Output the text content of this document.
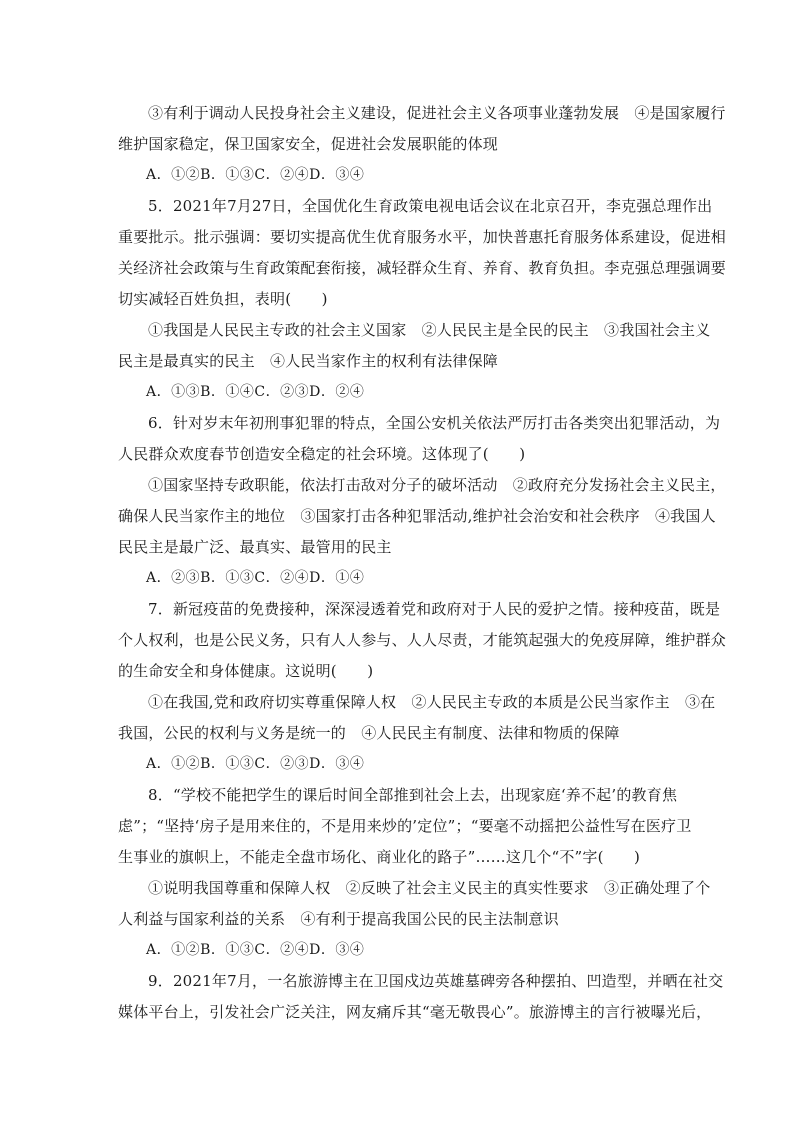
③有利于调动人民投身社会主义建设，促进社会主义各项事业蓬勃发展　④是国家履行
维护国家稳定，保卫国家安全，促进社会发展职能的体现
A．①②B．①③C．②④D．③④
5．2021年7月27日，全国优化生育政策电视电话会议在北京召开，李克强总理作出
重要批示。批示强调：要切实提高优生优育服务水平，加快普惠托育服务体系建设，促进相
关经济社会政策与生育政策配套衔接，减轻群众生育、养育、教育负担。李克强总理强调要
切实减轻百姓负担，表明(　　)
①我国是人民民主专政的社会主义国家　②人民民主是全民的民主　③我国社会主义
民主是最真实的民主　④人民当家作主的权利有法律保障
A．①③B．①④C．②③D．②④
6．针对岁末年初刑事犯罪的特点，全国公安机关依法严厉打击各类突出犯罪活动，为
人民群众欢度春节创造安全稳定的社会环境。这体现了(　　)
①国家坚持专政职能，依法打击敌对分子的破坏活动　②政府充分发扬社会主义民主，
确保人民当家作主的地位　③国家打击各种犯罪活动,维护社会治安和社会秩序　④我国人
民民主是最广泛、最真实、最管用的民主
A．②③B．①③C．②④D．①④
7．新冠疫苗的免费接种，深深浸透着党和政府对于人民的爱护之情。接种疫苗，既是
个人权利，也是公民义务，只有人人参与、人人尽责，才能筑起强大的免疫屏障，维护群众
的生命安全和身体健康。这说明(　　)
①在我国,党和政府切实尊重保障人权　②人民民主专政的本质是公民当家作主　③在
我国，公民的权利与义务是统一的　④人民民主有制度、法律和物质的保障
A．①②B．①③C．②③D．③④
8．“学校不能把学生的课后时间全部推到社会上去，出现家庭‘养不起’的教育焦
虑”；“坚持‘房子是用来住的，不是用来炒的’定位”；“要毫不动摇把公益性写在医疗卫
生事业的旗帜上，不能走全盘市场化、商业化的路子”……这几个“不”字(　　)
①说明我国尊重和保障人权　②反映了社会主义民主的真实性要求　③正确处理了个
人利益与国家利益的关系　④有利于提高我国公民的民主法制意识
A．①②B．①③C．②④D．③④
9．2021年7月，一名旅游博主在卫国戍边英雄墓碑旁各种摆拍、凹造型，并晒在社交
媒体平台上，引发社会广泛关注，网友痛斥其“毫无敬畏心”。旅游博主的言行被曝光后，
